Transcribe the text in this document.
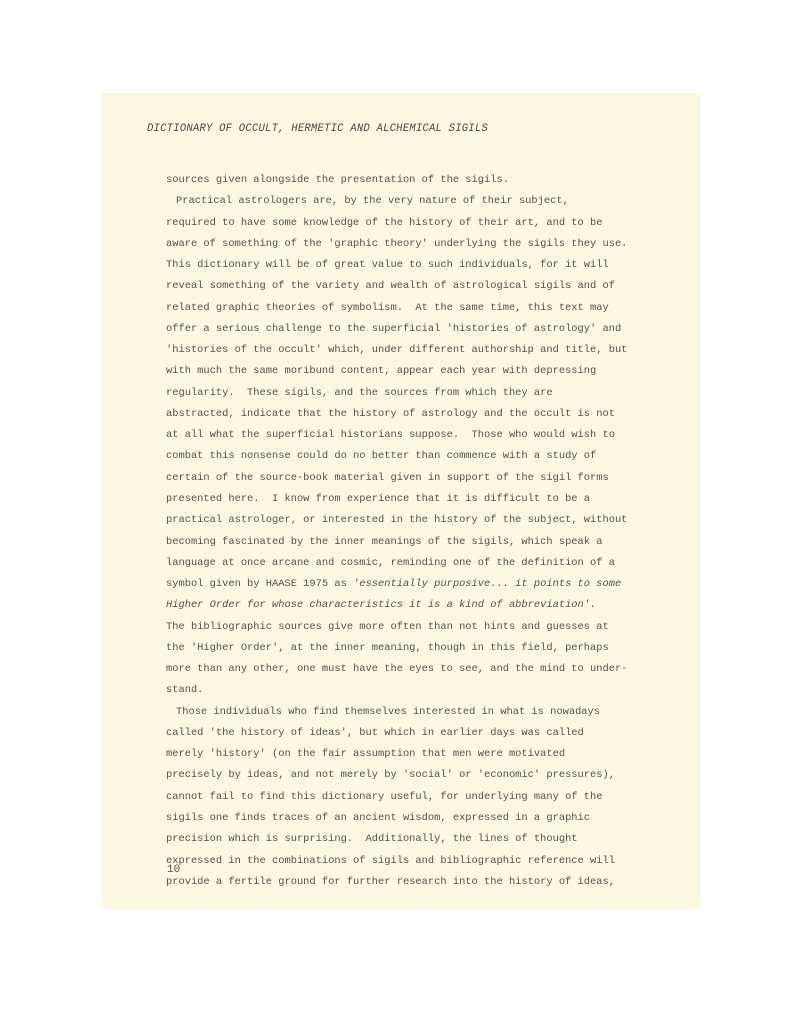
DICTIONARY OF OCCULT, HERMETIC AND ALCHEMICAL SIGILS
sources given alongside the presentation of the sigils.
Practical astrologers are, by the very nature of their subject,
required to have some knowledge of the history of their art, and to be
aware of something of the 'graphic theory' underlying the sigils they use.
This dictionary will be of great value to such individuals, for it will
reveal something of the variety and wealth of astrological sigils and of
related graphic theories of symbolism.  At the same time, this text may
offer a serious challenge to the superficial 'histories of astrology' and
'histories of the occult' which, under different authorship and title, but
with much the same moribund content, appear each year with depressing
regularity.  These sigils, and the sources from which they are
abstracted, indicate that the history of astrology and the occult is not
at all what the superficial historians suppose.  Those who would wish to
combat this nonsense could do no better than commence with a study of
certain of the source-book material given in support of the sigil forms
presented here.  I know from experience that it is difficult to be a
practical astrologer, or interested in the history of the subject, without
becoming fascinated by the inner meanings of the sigils, which speak a
language at once arcane and cosmic, reminding one of the definition of a
symbol given by HAASE 1975 as 'essentially purposive... it points to some
Higher Order for whose characteristics it is a kind of abbreviation'.
The bibliographic sources give more often than not hints and guesses at
the 'Higher Order', at the inner meaning, though in this field, perhaps
more than any other, one must have the eyes to see, and the mind to under-
stand.
Those individuals who find themselves interested in what is nowadays
called 'the history of ideas', but which in earlier days was called
merely 'history' (on the fair assumption that men were motivated
precisely by ideas, and not merely by 'social' or 'economic' pressures),
cannot fail to find this dictionary useful, for underlying many of the
sigils one finds traces of an ancient wisdom, expressed in a graphic
precision which is surprising.  Additionally, the lines of thought
expressed in the combinations of sigils and bibliographic reference will
provide a fertile ground for further research into the history of ideas,
10
